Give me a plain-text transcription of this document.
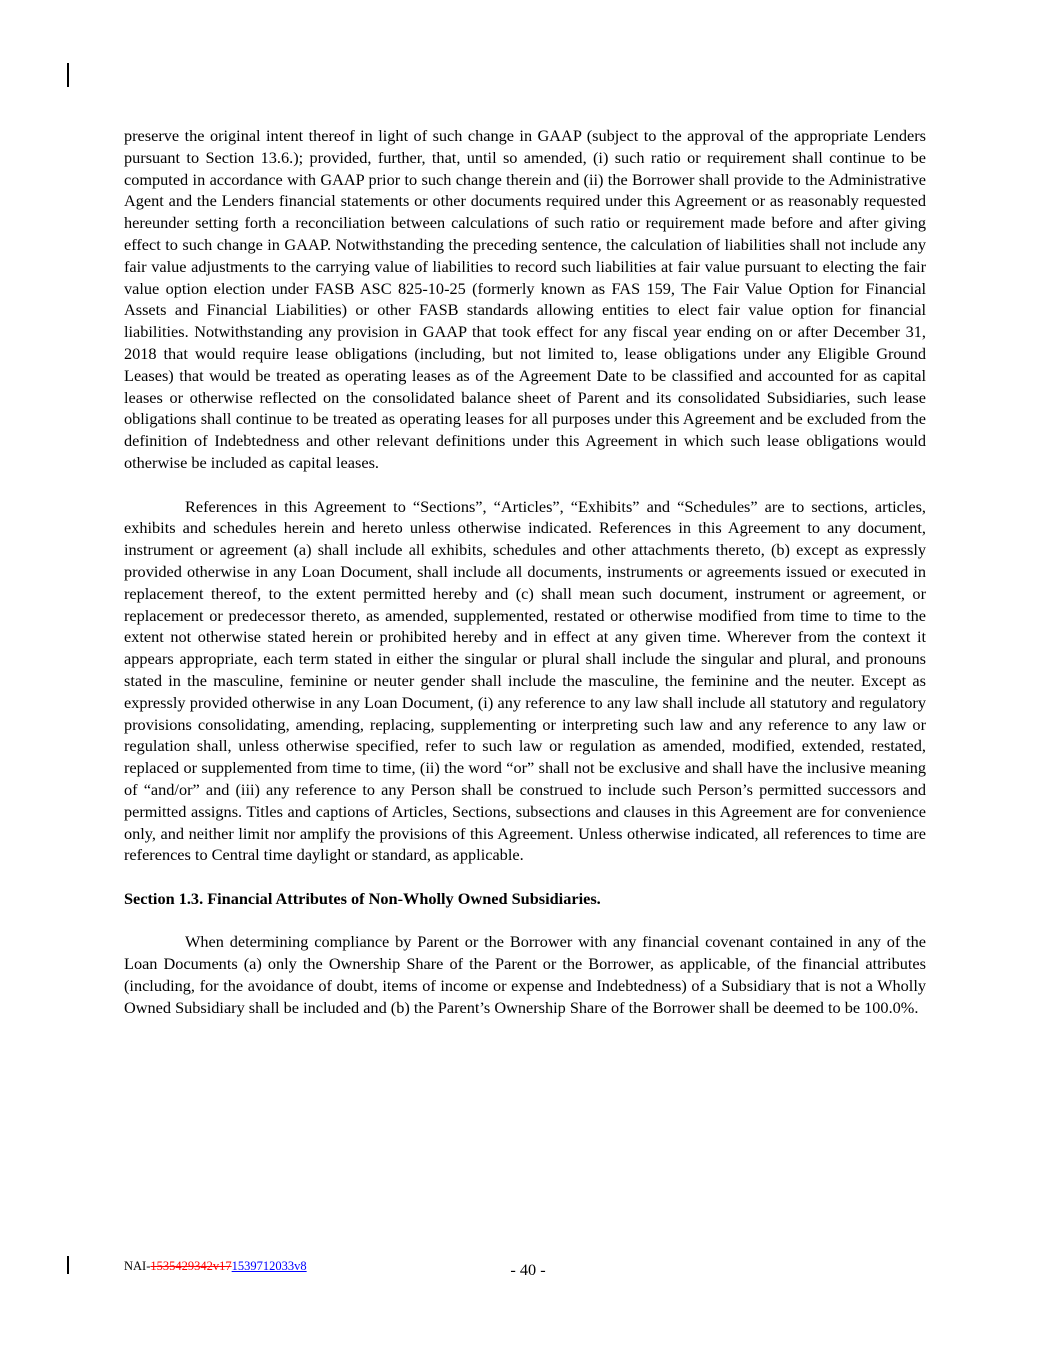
preserve the original intent thereof in light of such change in GAAP (subject to the approval of the appropriate Lenders pursuant to Section 13.6.); provided, further, that, until so amended, (i) such ratio or requirement shall continue to be computed in accordance with GAAP prior to such change therein and (ii) the Borrower shall provide to the Administrative Agent and the Lenders financial statements or other documents required under this Agreement or as reasonably requested hereunder setting forth a reconciliation between calculations of such ratio or requirement made before and after giving effect to such change in GAAP. Notwithstanding the preceding sentence, the calculation of liabilities shall not include any fair value adjustments to the carrying value of liabilities to record such liabilities at fair value pursuant to electing the fair value option election under FASB ASC 825-10-25 (formerly known as FAS 159, The Fair Value Option for Financial Assets and Financial Liabilities) or other FASB standards allowing entities to elect fair value option for financial liabilities. Notwithstanding any provision in GAAP that took effect for any fiscal year ending on or after December 31, 2018 that would require lease obligations (including, but not limited to, lease obligations under any Eligible Ground Leases) that would be treated as operating leases as of the Agreement Date to be classified and accounted for as capital leases or otherwise reflected on the consolidated balance sheet of Parent and its consolidated Subsidiaries, such lease obligations shall continue to be treated as operating leases for all purposes under this Agreement and be excluded from the definition of Indebtedness and other relevant definitions under this Agreement in which such lease obligations would otherwise be included as capital leases.

References in this Agreement to “Sections”, “Articles”, “Exhibits” and “Schedules” are to sections, articles, exhibits and schedules herein and hereto unless otherwise indicated. References in this Agreement to any document, instrument or agreement (a) shall include all exhibits, schedules and other attachments thereto, (b) except as expressly provided otherwise in any Loan Document, shall include all documents, instruments or agreements issued or executed in replacement thereof, to the extent permitted hereby and (c) shall mean such document, instrument or agreement, or replacement or predecessor thereto, as amended, supplemented, restated or otherwise modified from time to time to the extent not otherwise stated herein or prohibited hereby and in effect at any given time. Wherever from the context it appears appropriate, each term stated in either the singular or plural shall include the singular and plural, and pronouns stated in the masculine, feminine or neuter gender shall include the masculine, the feminine and the neuter. Except as expressly provided otherwise in any Loan Document, (i) any reference to any law shall include all statutory and regulatory provisions consolidating, amending, replacing, supplementing or interpreting such law and any reference to any law or regulation shall, unless otherwise specified, refer to such law or regulation as amended, modified, extended, restated, replaced or supplemented from time to time, (ii) the word “or” shall not be exclusive and shall have the inclusive meaning of “and/or” and (iii) any reference to any Person shall be construed to include such Person’s permitted successors and permitted assigns. Titles and captions of Articles, Sections, subsections and clauses in this Agreement are for convenience only, and neither limit nor amplify the provisions of this Agreement. Unless otherwise indicated, all references to time are references to Central time daylight or standard, as applicable.

Section 1.3. Financial Attributes of Non-Wholly Owned Subsidiaries.

When determining compliance by Parent or the Borrower with any financial covenant contained in any of the Loan Documents (a) only the Ownership Share of the Parent or the Borrower, as applicable, of the financial attributes (including, for the avoidance of doubt, items of income or expense and Indebtedness) of a Subsidiary that is not a Wholly Owned Subsidiary shall be included and (b) the Parent’s Ownership Share of the Borrower shall be deemed to be 100.0%.

NAI-1535429342v171539712033v8	- 40 -
